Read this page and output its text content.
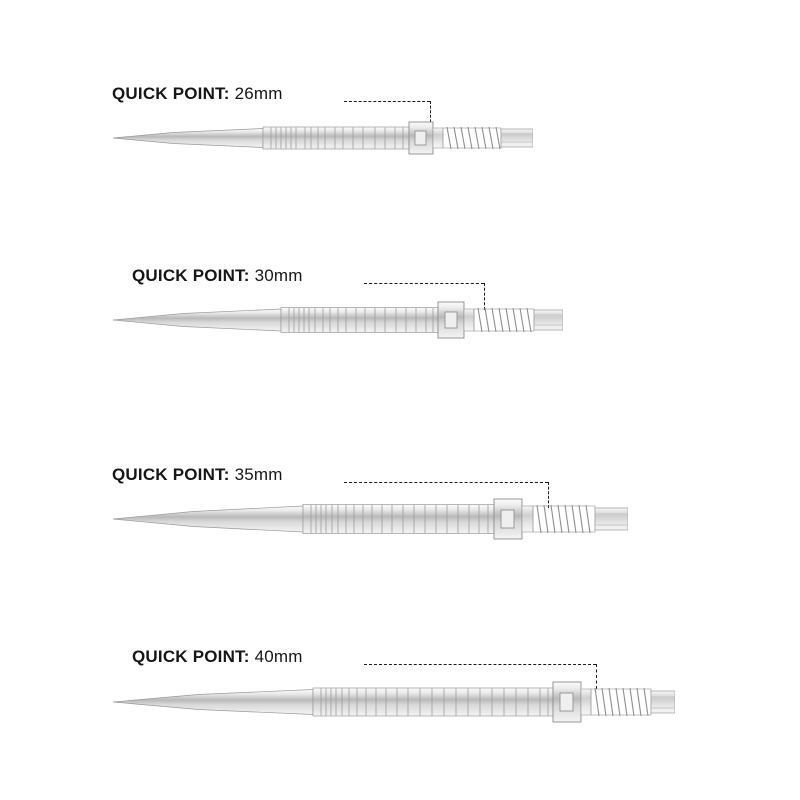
QUICK POINT: 26mm
QUICK POINT: 30mm
QUICK POINT: 35mm
QUICK POINT: 40mm
